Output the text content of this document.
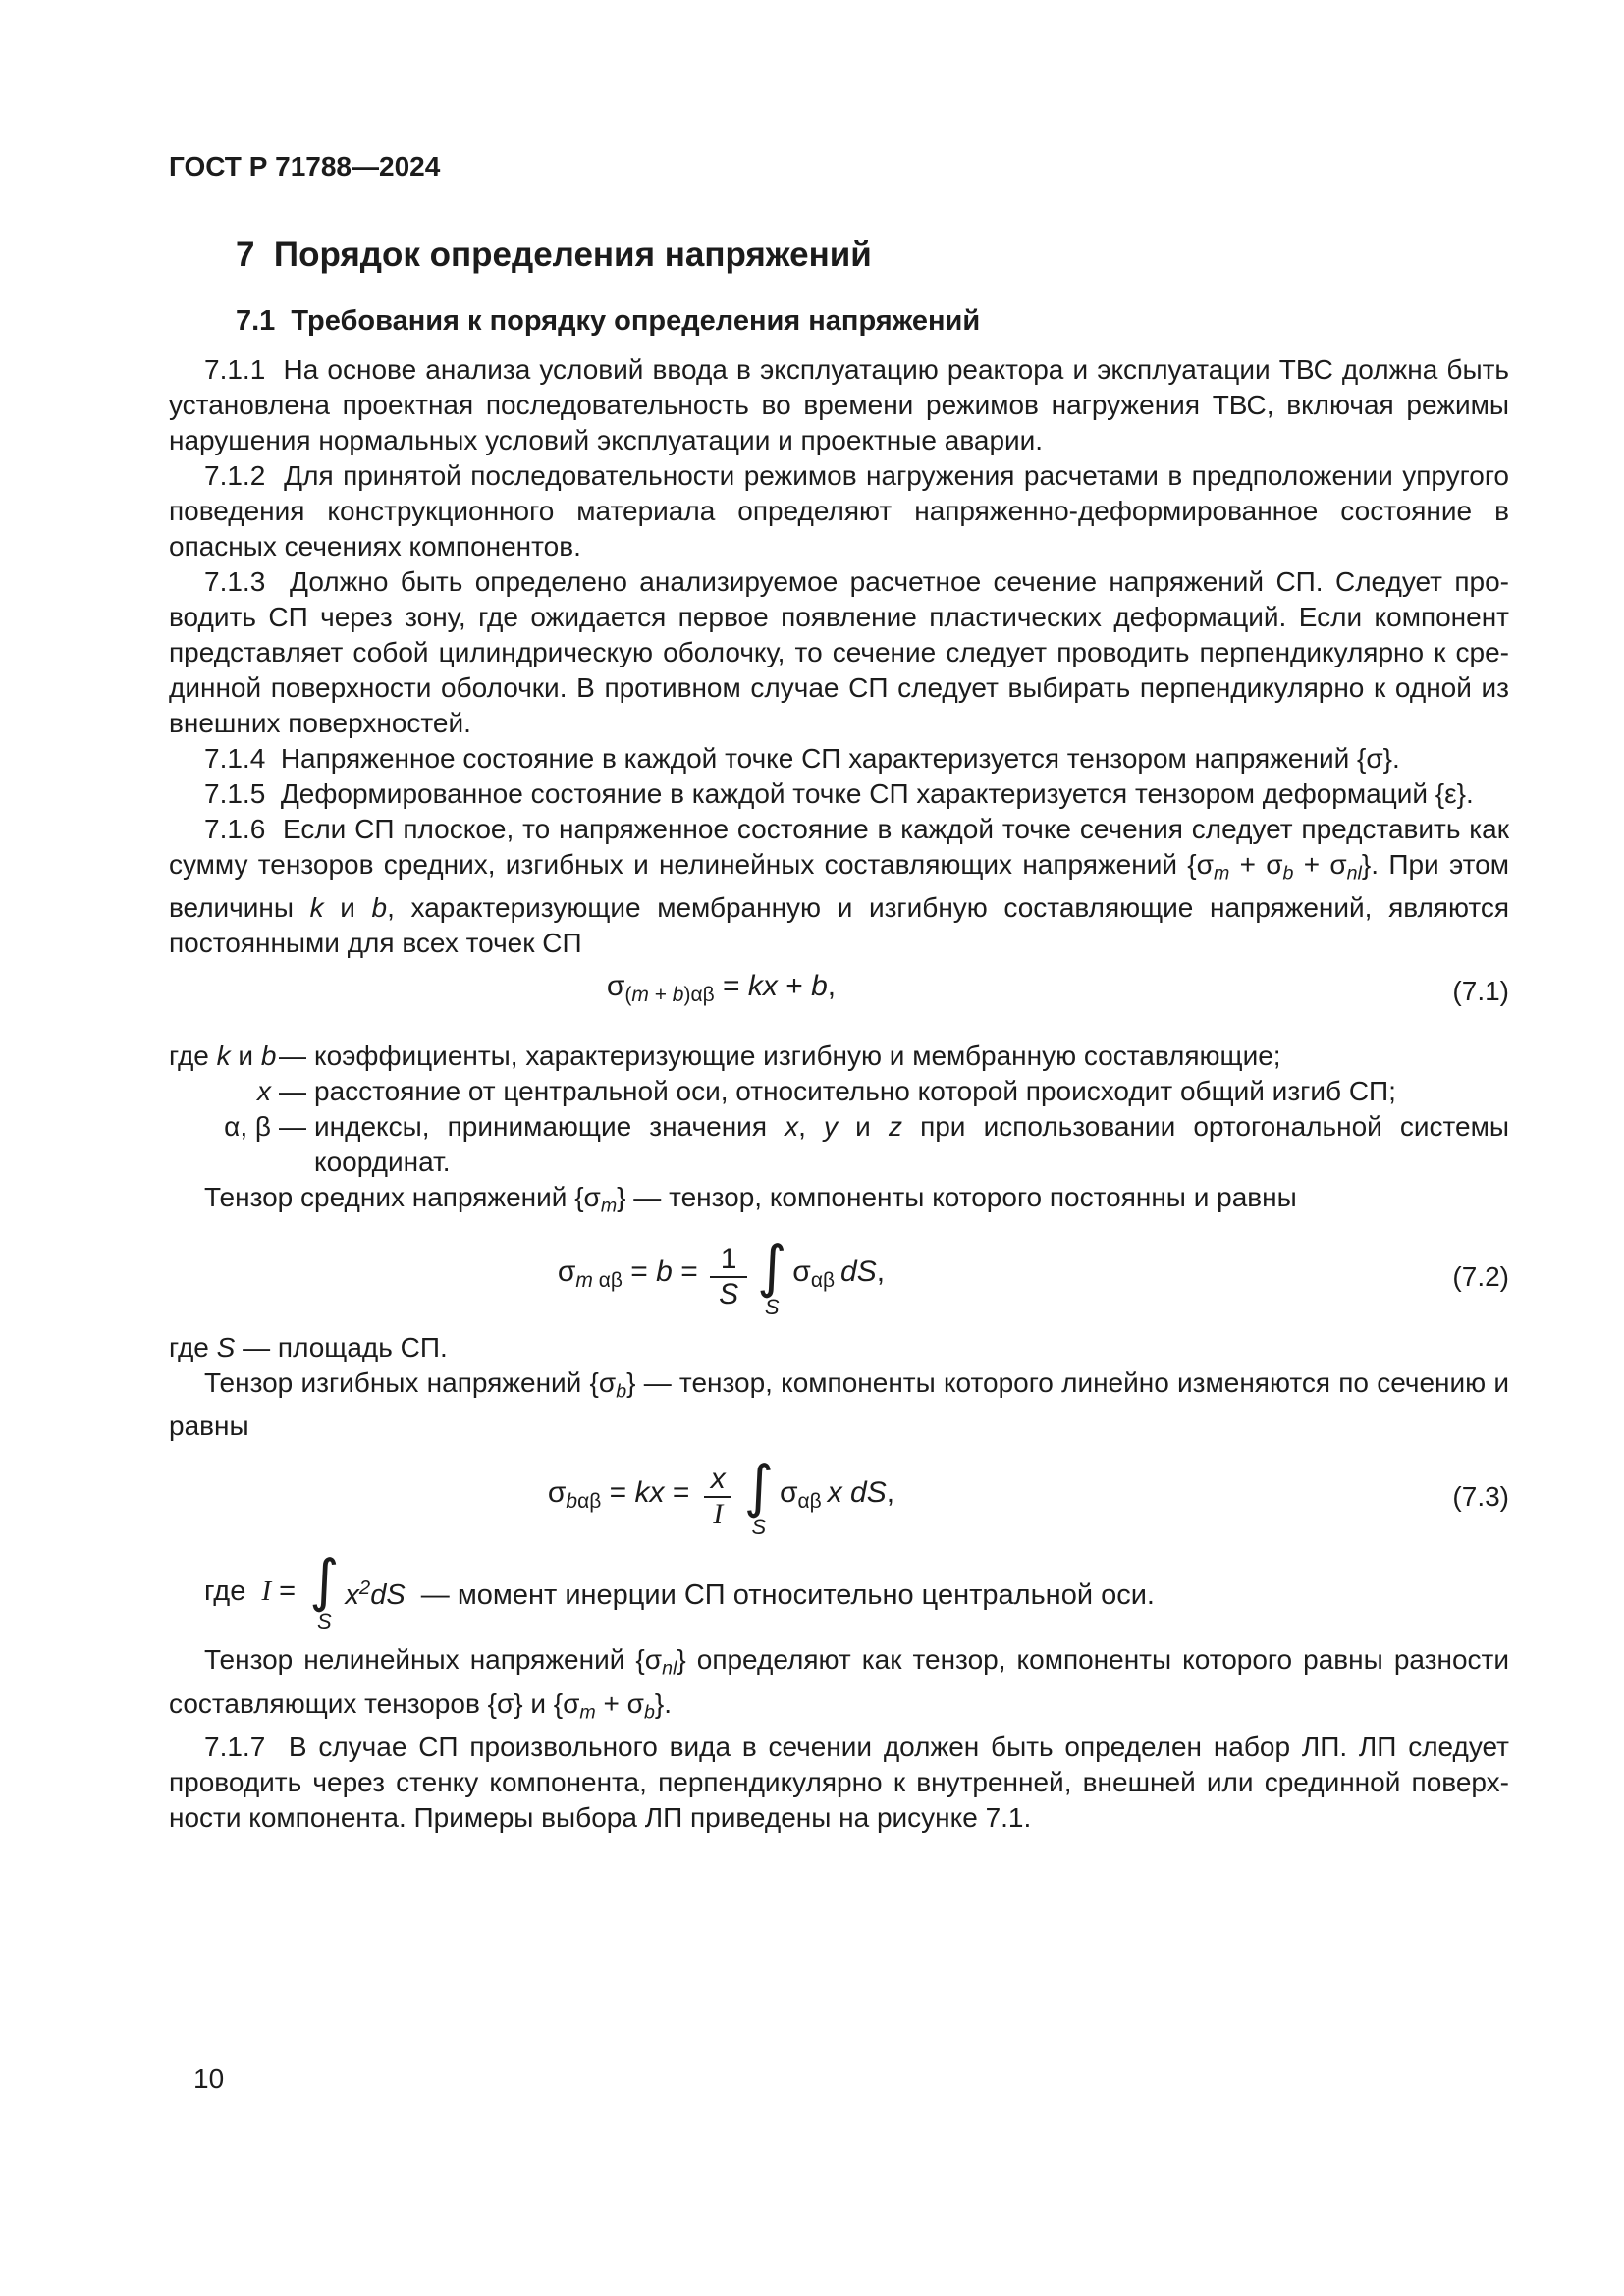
ГОСТ Р 71788—2024
7  Порядок определения напряжений
7.1  Требования к порядку определения напряжений

7.1.1  На основе анализа условий ввода в эксплуатацию реактора и эксплуатации ТВС должна быть установлена проектная последовательность во времени режимов нагружения ТВС, включая режимы нарушения нормальных условий эксплуатации и проектные аварии.

7.1.2  Для принятой последовательности режимов нагружения расчетами в предположении упругого поведения конструкционного материала определяют напряженно-деформированное состояние в опасных сечениях компонентов.

7.1.3  Должно быть определено анализируемое расчетное сечение напряжений СП. Следует проводить СП через зону, где ожидается первое появление пластических деформаций. Если компонент представляет собой цилиндрическую оболочку, то сечение следует проводить перпендикулярно к срединной поверхности оболочки. В противном случае СП следует выбирать перпендикулярно к одной из внешних поверхностей.

7.1.4  Напряженное состояние в каждой точке СП характеризуется тензором напряжений {σ}.

7.1.5  Деформированное состояние в каждой точке СП характеризуется тензором деформаций {ε}.

7.1.6  Если СП плоское, то напряженное состояние в каждой точке сечения следует представить как сумму тензоров средних, изгибных и нелинейных составляющих напряжений {σm + σb + σnl}. При этом величины k и b, характеризующие мембранную и изгибную составляющие напряжений, являются постоянными для всех точек СП

σ(m + b)αβ = kx + b,	(7.1)
где k и b — коэффициенты, характеризующие изгибную и мембранную составляющие;
x — расстояние от центральной оси, относительно которой происходит общий изгиб СП;
α, β — индексы, принимающие значения x, y и z при использовании ортогональной системы координат.

Тензор средних напряжений {σm} — тензор, компоненты которого постоянны и равны

σm $\alpha\beta = b = \frac{1}{S}$ ∫
S
σαβ dS,	(7.2)

где S — площадь СП.

Тензор изгибных напряжений {σb} — тензор, компоненты которого линейно изменяются по сечению и равны

σbαβ = kx = $\frac{x}{I}$ ∫
S
σαβ x dS,	(7.3)
где I = ∫
S
$x^2dS$  — момент инерции СП относительно центральной оси.

Тензор нелинейных напряжений {σnl} определяют как тензор, компоненты которого равны разности составляющих тензоров {σ} и {σm + σb}.

7.1.7  В случае СП произвольного вида в сечении должен быть определен набор ЛП. ЛП следует проводить через стенку компонента, перпендикулярно к внутренней, внешней или срединной поверхности компонента. Примеры выбора ЛП приведены на рисунке 7.1.

10
